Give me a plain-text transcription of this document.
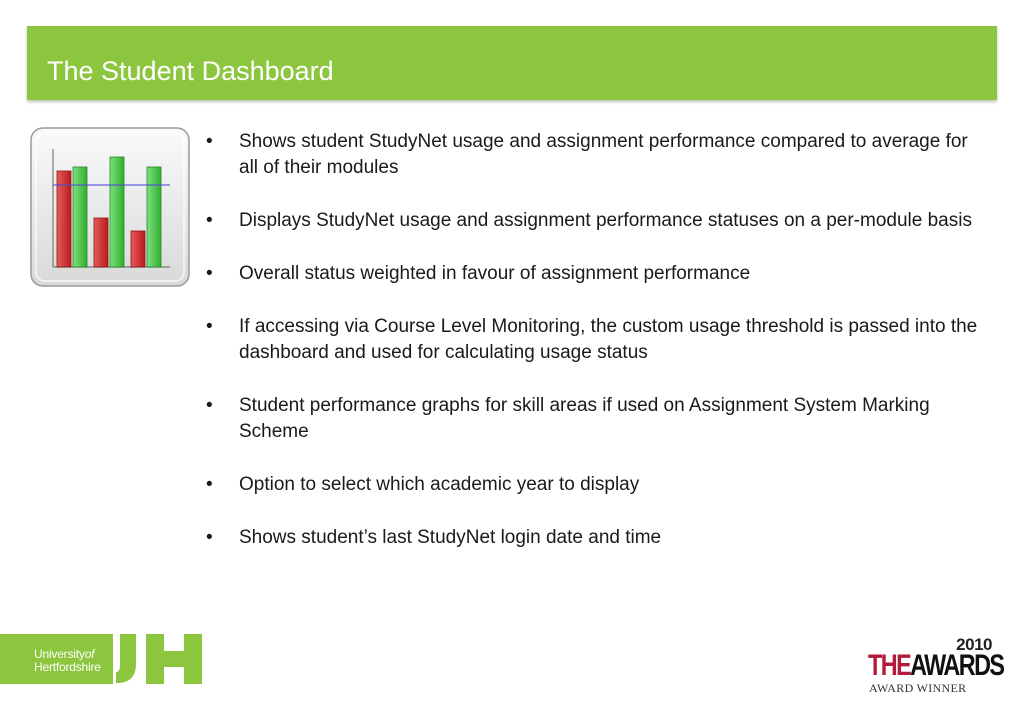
The Student Dashboard
• Shows student StudyNet usage and assignment performance compared to average for all of their modules
• Displays StudyNet usage and assignment performance statuses on a per-module basis
• Overall status weighted in favour of assignment performance
• If accessing via Course Level Monitoring, the custom usage threshold is passed into the dashboard and used for calculating usage status
• Student performance graphs for skill areas if used on Assignment System Marking Scheme
• Option to select which academic year to display
• Shows student’s last StudyNet login date and time
Universityof
Hertfordshire
2010
THEAWARDS
AWARD WINNER
